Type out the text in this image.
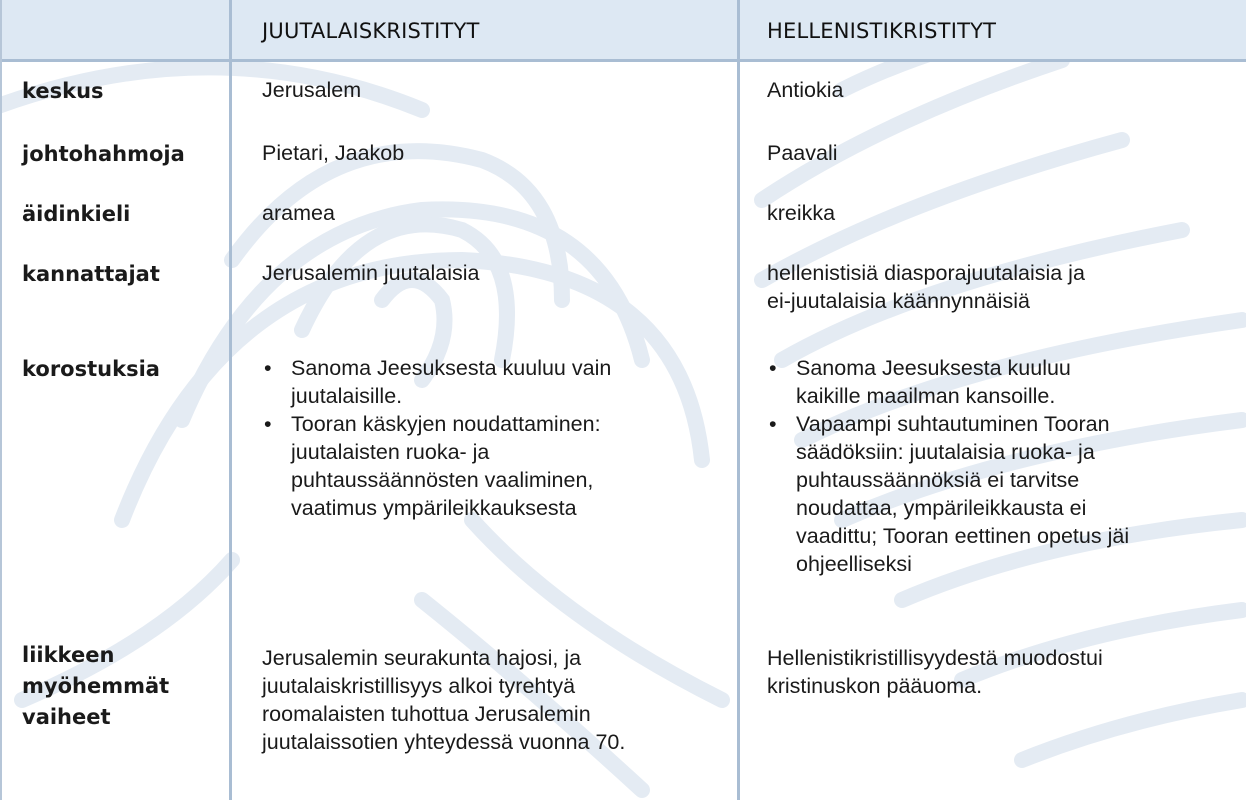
JUUTALAISKRISTITYT	HELLENISTIKRISTITYT
keskus	Jerusalem	Antiokia
johtohahmoja	Pietari, Jaakob	Paavali
äidinkieli	aramea	kreikka
kannattajat	Jerusalemin juutalaisia	hellenistisiä diasporajuutalaisia ja
ei-juutalaisia käännynnäisiä
korostuksia
•	Sanoma Jeesuksesta kuuluu vain
juutalaisille.
• Tooran käskyjen noudattaminen:
juutalaisten ruoka- ja
puhtaussäännösten vaaliminen,
vaatimus ympärileikkauksesta
• Sanoma Jeesuksesta kuuluu
kaikille maailman kansoille.
• Vapaampi suhtautuminen Tooran
säädöksiin: juutalaisia ruoka- ja
puhtaussäännöksiä ei tarvitse
noudattaa, ympärileikkausta ei
vaadittu; Tooran eettinen opetus jäi
ohjeelliseksi
liikkeen
myöhemmät
vaiheet
Jerusalemin seurakunta hajosi, ja
juutalaiskristillisyys alkoi tyrehtyä
roomalaisten tuhottua Jerusalemin
juutalaissotien yhteydessä vuonna 70.
Hellenistikristillisyydestä muodostui
kristinuskon pääuoma.
